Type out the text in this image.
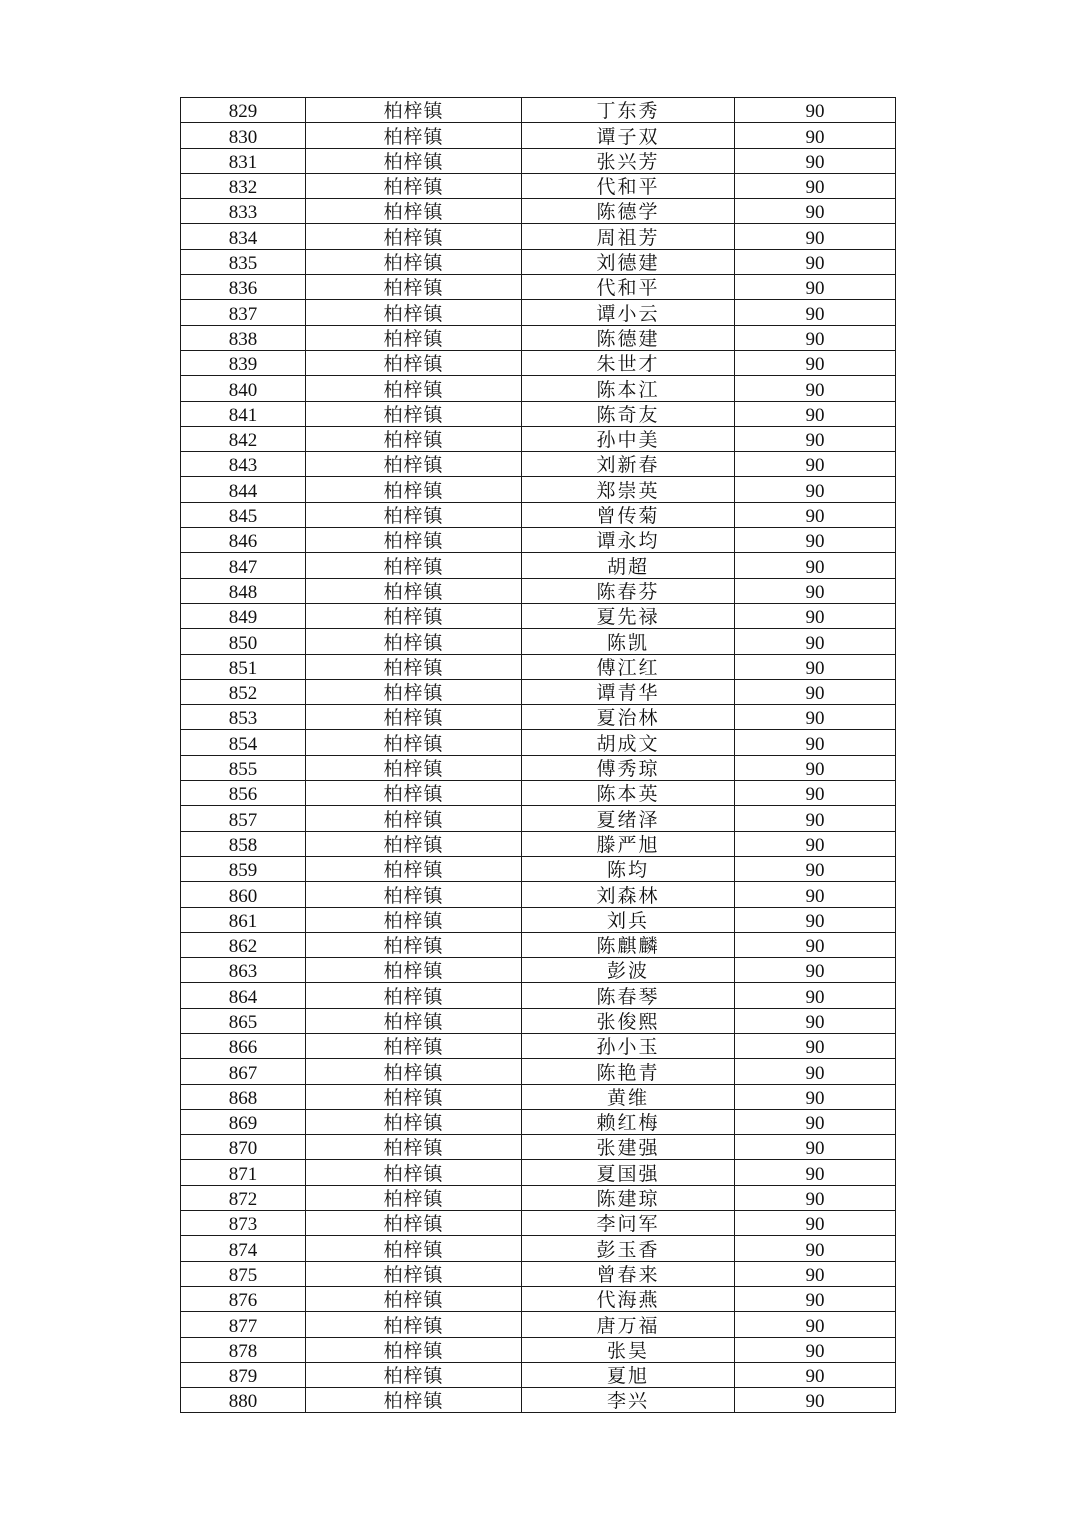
829	柏梓镇	丁东秀	90
830	柏梓镇	谭子双	90
831	柏梓镇	张兴芳	90
832	柏梓镇	代和平	90
833	柏梓镇	陈德学	90
834	柏梓镇	周祖芳	90
835	柏梓镇	刘德建	90
836	柏梓镇	代和平	90
837	柏梓镇	谭小云	90
838	柏梓镇	陈德建	90
839	柏梓镇	朱世才	90
840	柏梓镇	陈本江	90
841	柏梓镇	陈奇友	90
842	柏梓镇	孙中美	90
843	柏梓镇	刘新春	90
844	柏梓镇	郑崇英	90
845	柏梓镇	曾传菊	90
846	柏梓镇	谭永均	90
847	柏梓镇	胡超	90
848	柏梓镇	陈春芬	90
849	柏梓镇	夏先禄	90
850	柏梓镇	陈凯	90
851	柏梓镇	傅江红	90
852	柏梓镇	谭青华	90
853	柏梓镇	夏治林	90
854	柏梓镇	胡成文	90
855	柏梓镇	傅秀琼	90
856	柏梓镇	陈本英	90
857	柏梓镇	夏绪泽	90
858	柏梓镇	滕严旭	90
859	柏梓镇	陈均	90
860	柏梓镇	刘森林	90
861	柏梓镇	刘兵	90
862	柏梓镇	陈麒麟	90
863	柏梓镇	彭波	90
864	柏梓镇	陈春琴	90
865	柏梓镇	张俊熙	90
866	柏梓镇	孙小玉	90
867	柏梓镇	陈艳青	90
868	柏梓镇	黄维	90
869	柏梓镇	赖红梅	90
870	柏梓镇	张建强	90
871	柏梓镇	夏国强	90
872	柏梓镇	陈建琼	90
873	柏梓镇	李问军	90
874	柏梓镇	彭玉香	90
875	柏梓镇	曾春来	90
876	柏梓镇	代海燕	90
877	柏梓镇	唐万福	90
878	柏梓镇	张昊	90
879	柏梓镇	夏旭	90
880	柏梓镇	李兴	90
